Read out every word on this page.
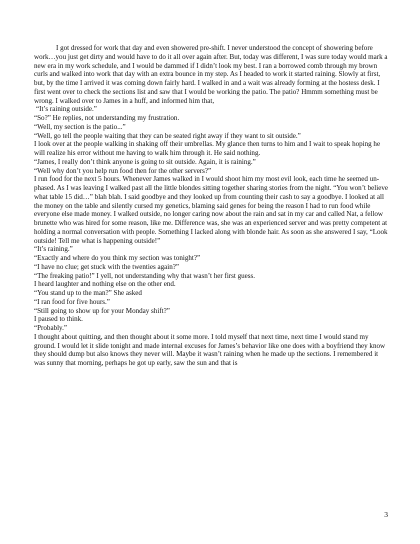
I got dressed for work that day and even showered pre-shift. I never understood the concept of showering before work…you just get dirty and would have to do it all over again after. But, today was different, I was sure today would mark a new era in my work schedule, and I would be dammed if I didn’t look my best. I ran a borrowed comb through my brown curls and walked into work that day with an extra bounce in my step. As I headed to work it started raining. Slowly at first, but, by the time I arrived it was coming down fairly hard. I walked in and a wait was already forming at the hostess desk. I first went over to check the sections list and saw that I would be working the patio. The patio? Hmmm something must be wrong. I walked over to James in a huff, and informed him that,

“It’s raining outside.”

“So?” He replies, not understanding my frustration.

“Well, my section is the patio...”

“Well, go tell the people waiting that they can be seated right away if they want to sit outside.”

I look over at the people walking in shaking off their umbrellas. My glance then turns to him and I wait to speak hoping he will realize his error without me having to walk him through it. He said nothing.

“James, I really don’t think anyone is going to sit outside. Again, it is raining.”

“Well why don’t you help run food then for the other servers?”

I run food for the next 5 hours. Whenever James walked in I would shoot him my most evil look, each time he seemed un-phased. As I was leaving I walked past all the little blondes sitting together sharing stories from the night. “You won’t believe what table 15 did…” blah blah. I said goodbye and they looked up from counting their cash to say a goodbye. I looked at all the money on the table and silently cursed my genetics, blaming said genes for being the reason I had to run food while everyone else made money. I walked outside, no longer caring now about the rain and sat in my car and called Nat, a fellow brunette who was hired for some reason, like me. Difference was, she was an experienced server and was pretty competent at holding a normal conversation with people. Something I lacked along with blonde hair. As soon as she answered I say, “Look outside! Tell me what is happening outside!”

“It’s raining.”

“Exactly and where do you think my section was tonight?”

“I have no clue; get stuck with the twenties again?”

“The freaking patio!” I yell, not understanding why that wasn’t her first guess.

I heard laughter and nothing else on the other end.

“You stand up to the man?” She asked

“I ran food for five hours.”

“Still going to show up for your Monday shift?”

I paused to think.

“Probably.”

I thought about quitting, and then thought about it some more. I told myself that next time, next time I would stand my ground. I would let it slide tonight and made internal excuses for James’s behavior like one does with a boyfriend they know they should dump but also knows they never will. Maybe it wasn’t raining when he made up the sections. I remembered it was sunny that morning, perhaps he got up early, saw the sun and that is

3
